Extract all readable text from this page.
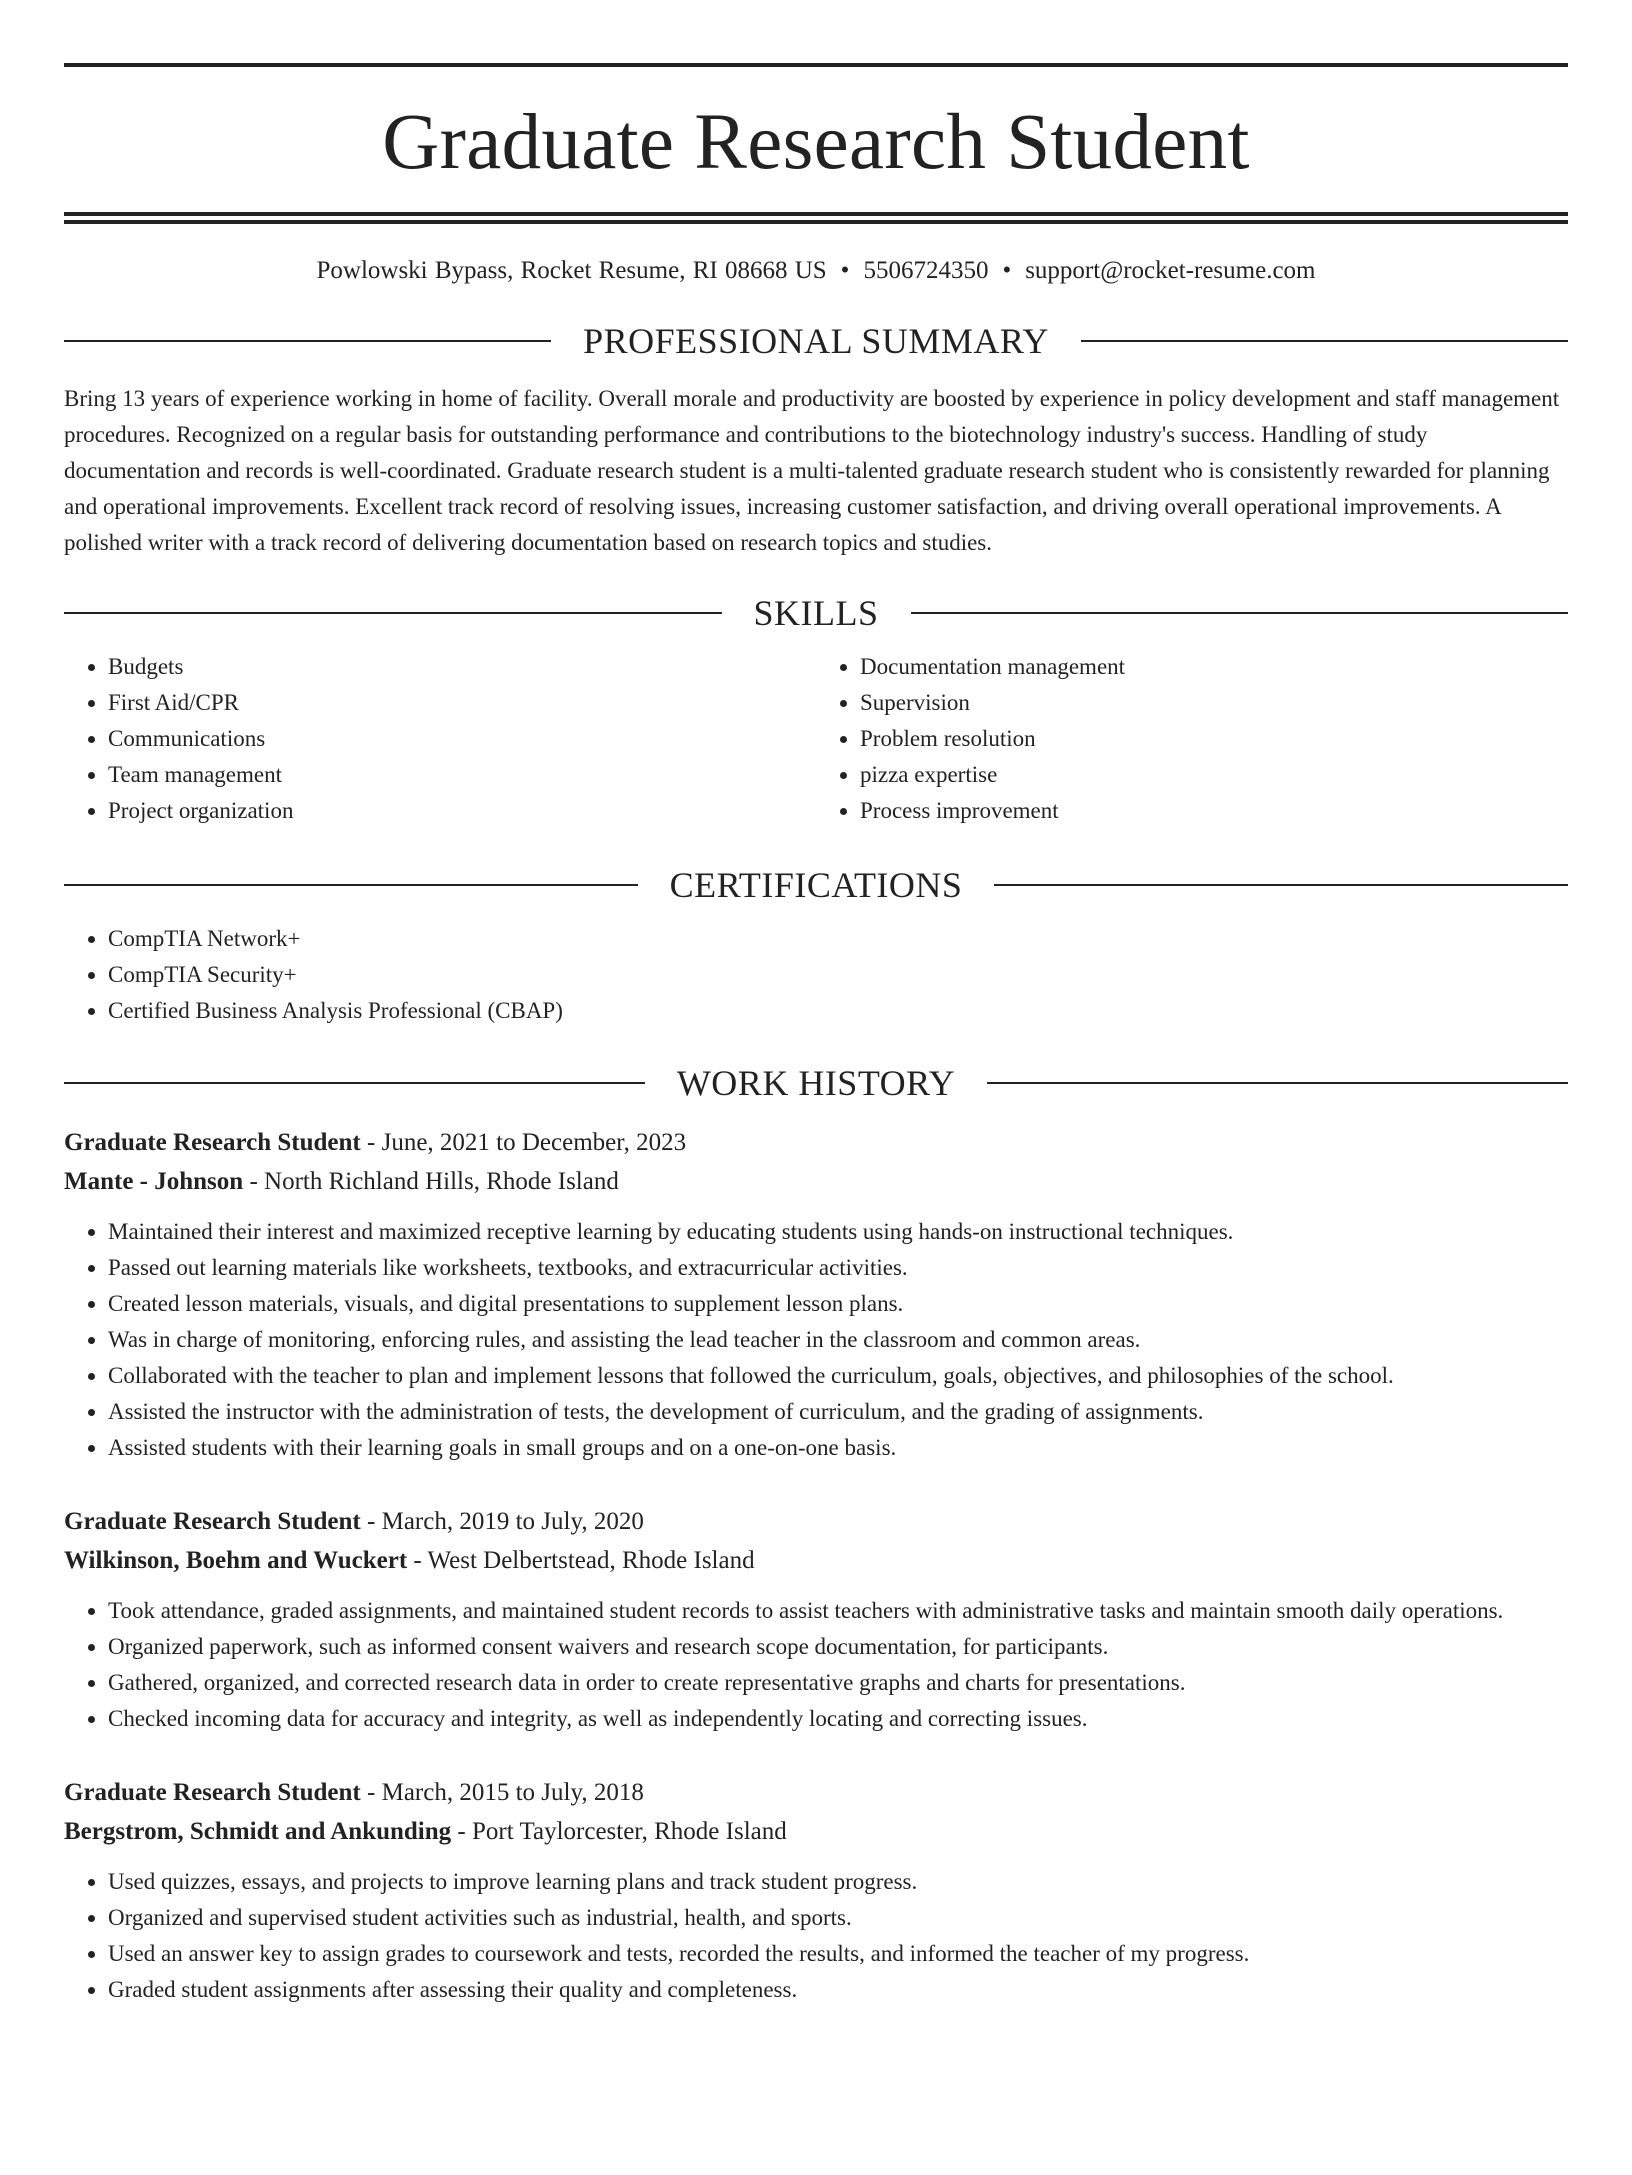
Graduate Research Student
Powlowski Bypass, Rocket Resume, RI 08668 US • 5506724350 • support@rocket-resume.com
PROFESSIONAL SUMMARY
Bring 13 years of experience working in home of facility. Overall morale and productivity are boosted by experience in policy development and staff management procedures. Recognized on a regular basis for outstanding performance and contributions to the biotechnology industry's success. Handling of study documentation and records is well-coordinated. Graduate research student is a multi-talented graduate research student who is consistently rewarded for planning and operational improvements. Excellent track record of resolving issues, increasing customer satisfaction, and driving overall operational improvements. A polished writer with a track record of delivering documentation based on research topics and studies.
SKILLS
• Budgets
• First Aid/CPR
• Communications
• Team management
• Project organization
• Documentation management
• Supervision
• Problem resolution
• pizza expertise
• Process improvement
CERTIFICATIONS
• CompTIA Network+
• CompTIA Security+
• Certified Business Analysis Professional (CBAP)
WORK HISTORY
Graduate Research Student - June, 2021 to December, 2023
Mante - Johnson - North Richland Hills, Rhode Island
• Maintained their interest and maximized receptive learning by educating students using hands-on instructional techniques.
• Passed out learning materials like worksheets, textbooks, and extracurricular activities.
• Created lesson materials, visuals, and digital presentations to supplement lesson plans.
• Was in charge of monitoring, enforcing rules, and assisting the lead teacher in the classroom and common areas.
• Collaborated with the teacher to plan and implement lessons that followed the curriculum, goals, objectives, and philosophies of the school.
• Assisted the instructor with the administration of tests, the development of curriculum, and the grading of assignments.
• Assisted students with their learning goals in small groups and on a one-on-one basis.
Graduate Research Student - March, 2019 to July, 2020
Wilkinson, Boehm and Wuckert - West Delbertstead, Rhode Island
• Took attendance, graded assignments, and maintained student records to assist teachers with administrative tasks and maintain smooth daily operations.
• Organized paperwork, such as informed consent waivers and research scope documentation, for participants.
• Gathered, organized, and corrected research data in order to create representative graphs and charts for presentations.
• Checked incoming data for accuracy and integrity, as well as independently locating and correcting issues.
Graduate Research Student - March, 2015 to July, 2018
Bergstrom, Schmidt and Ankunding - Port Taylorcester, Rhode Island
• Used quizzes, essays, and projects to improve learning plans and track student progress.
• Organized and supervised student activities such as industrial, health, and sports.
• Used an answer key to assign grades to coursework and tests, recorded the results, and informed the teacher of my progress.
• Graded student assignments after assessing their quality and completeness.
